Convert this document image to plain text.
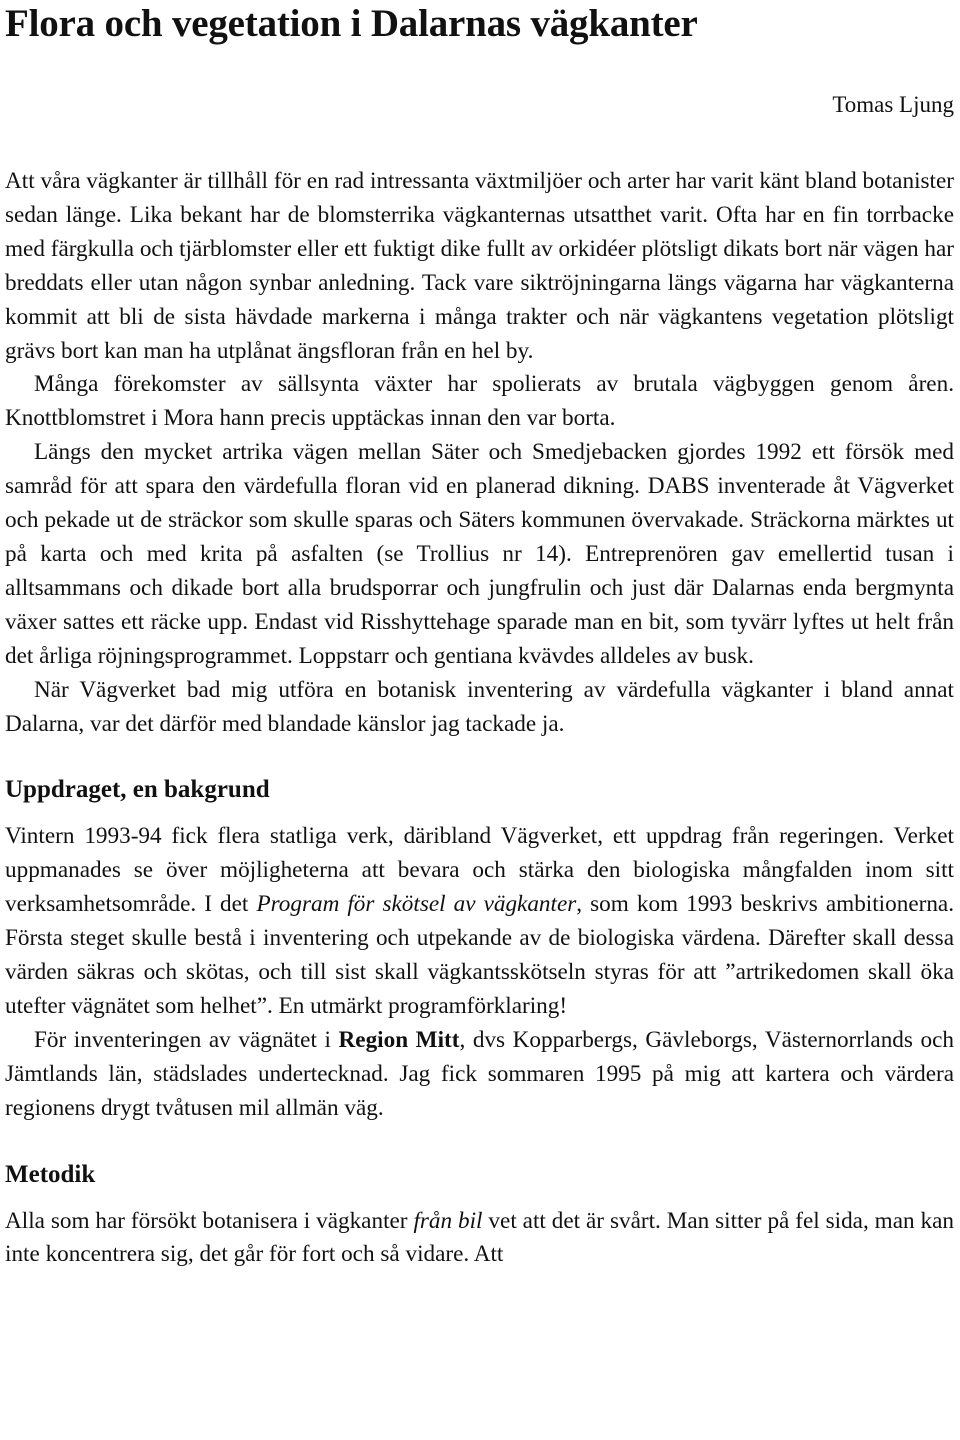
Flora och vegetation i Dalarnas vägkanter
Tomas Ljung

Att våra vägkanter är tillhåll för en rad intressanta växtmiljöer och arter har varit känt bland botanister sedan länge. Lika bekant har de blomsterrika vägkanternas utsatthet varit. Ofta har en fin torrbacke med färgkulla och tjärblomster eller ett fuktigt dike fullt av orkidéer plötsligt dikats bort när vägen har breddats eller utan någon synbar anledning. Tack vare siktröjningarna längs vägarna har vägkanterna kommit att bli de sista hävdade markerna i många trakter och när vägkantens vegetation plötsligt grävs bort kan man ha utplånat ängsfloran från en hel by.

Många förekomster av sällsynta växter har spolierats av brutala vägbyggen genom åren. Knottblomstret i Mora hann precis upptäckas innan den var borta.

Längs den mycket artrika vägen mellan Säter och Smedjebacken gjordes 1992 ett försök med samråd för att spara den värdefulla floran vid en planerad dikning. DABS inventerade åt Vägverket och pekade ut de sträckor som skulle sparas och Säters kommunen övervakade. Sträckorna märktes ut på karta och med krita på asfalten (se Trollius nr 14). Entreprenören gav emellertid tusan i alltsammans och dikade bort alla brudsporrar och jungfrulin och just där Dalarnas enda bergmynta växer sattes ett räcke upp. Endast vid Risshyttehage sparade man en bit, som tyvärr lyftes ut helt från det årliga röjningsprogrammet. Loppstarr och gentiana kvävdes alldeles av busk.

När Vägverket bad mig utföra en botanisk inventering av värdefulla vägkanter i bland annat Dalarna, var det därför med blandade känslor jag tackade ja.

Uppdraget, en bakgrund

Vintern 1993-94 fick flera statliga verk, däribland Vägverket, ett uppdrag från regeringen. Verket uppmanades se över möjligheterna att bevara och stärka den biologiska mångfalden inom sitt verksamhetsområde. I det Program för skötsel av vägkanter, som kom 1993 beskrivs ambitionerna. Första steget skulle bestå i inventering och utpekande av de biologiska värdena. Därefter skall dessa värden säkras och skötas, och till sist skall vägkantsskötseln styras för att ”artrikedomen skall öka utefter vägnätet som helhet”. En utmärkt programförklaring!

För inventeringen av vägnätet i Region Mitt, dvs Kopparbergs, Gävleborgs, Västernorrlands och Jämtlands län, städslades undertecknad. Jag fick sommaren 1995 på mig att kartera och värdera regionens drygt tvåtusen mil allmän väg.

Metodik

Alla som har försökt botanisera i vägkanter från bil vet att det är svårt. Man sitter på fel sida, man kan inte koncentrera sig, det går för fort och så vidare. Att
